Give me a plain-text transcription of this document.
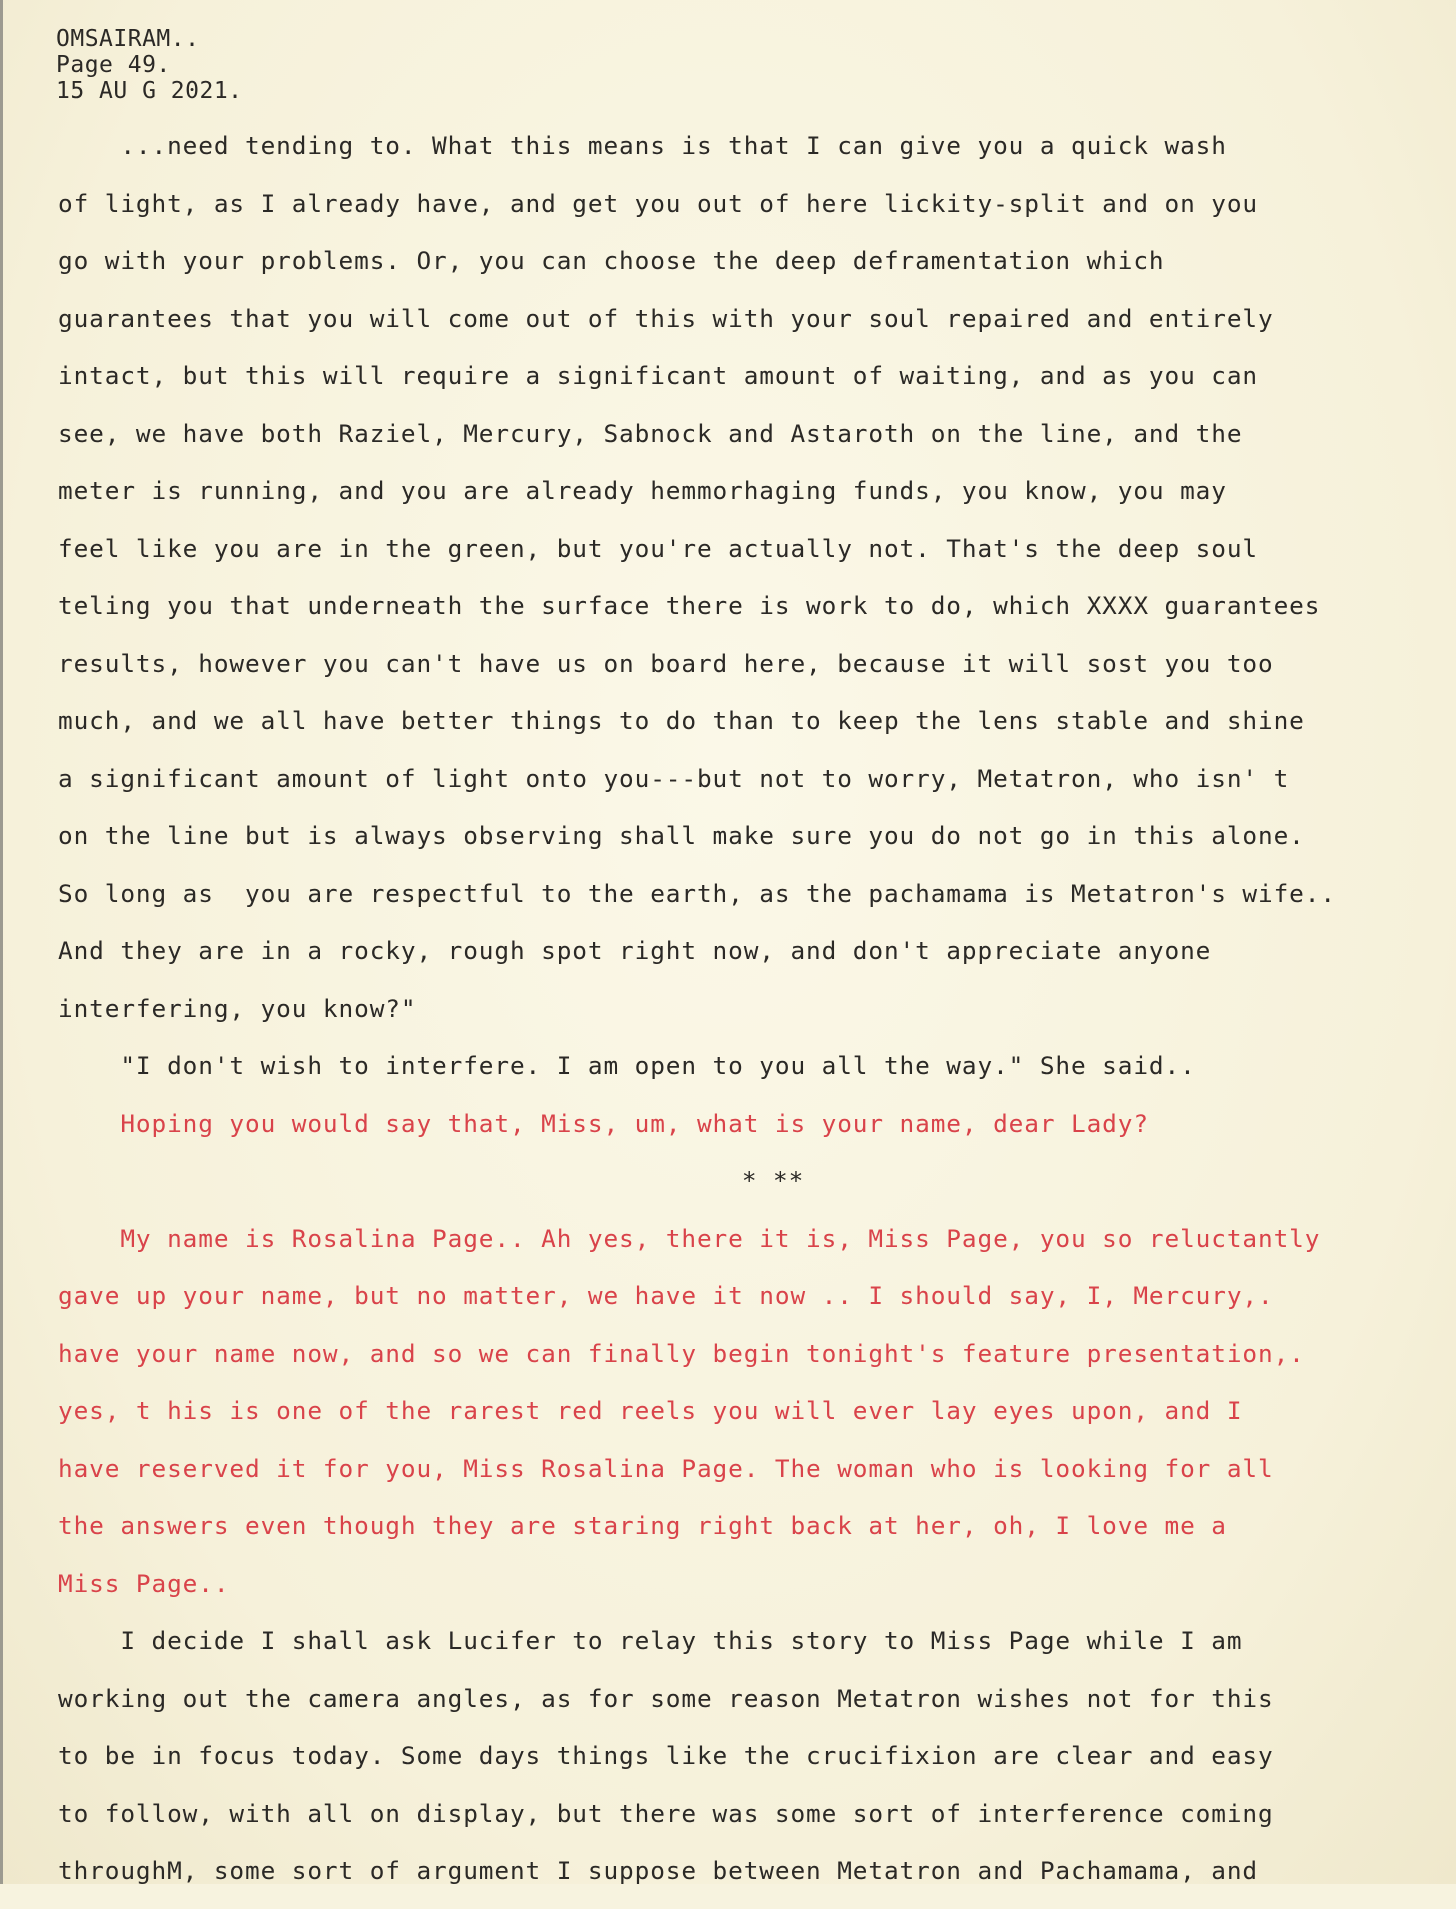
OMSAIRAM..
Page 49.
15 AU G 2021.
...need tending to. What this means is that I can give you a quick wash
of light, as I already have, and get you out of here lickity-split and on you
go with your problems. Or, you can choose the deep deframentation which
guarantees that you will come out of this with your soul repaired and entirely
intact, but this will require a significant amount of waiting, and as you can
see, we have both Raziel, Mercury, Sabnock and Astaroth on the line, and the
meter is running, and you are already hemmorhaging funds, you know, you may
feel like you are in the green, but you're actually not. That's the deep soul
teling you that underneath the surface there is work to do, which XXXX guarantees
results, however you can't have us on board here, because it will sost you too
much, and we all have better things to do than to keep the lens stable and shine
a significant amount of light onto you---but not to worry, Metatron, who isn' t
on the line but is always observing shall make sure you do not go in this alone.
So long as  you are respectful to the earth, as the pachamama is Metatron's wife..
And they are in a rocky, rough spot right now, and don't appreciate anyone
interfering, you know?"
"I don't wish to interfere. I am open to you all the way." She said..
Hoping you would say that, Miss, um, what is your name, dear Lady?
* **
My name is Rosalina Page.. Ah yes, there it is, Miss Page, you so reluctantly
gave up your name, but no matter, we have it now .. I should say, I, Mercury,.
have your name now, and so we can finally begin tonight's feature presentation,.
yes, t his is one of the rarest red reels you will ever lay eyes upon, and I
have reserved it for you, Miss Rosalina Page. The woman who is looking for all
the answers even though they are staring right back at her, oh, I love me a
Miss Page..
I decide I shall ask Lucifer to relay this story to Miss Page while I am
working out the camera angles, as for some reason Metatron wishes not for this
to be in focus today. Some days things like the crucifixion are clear and easy
to follow, with all on display, but there was some sort of interference coming
throughM, some sort of argument I suppose between Metatron and Pachamama, and
